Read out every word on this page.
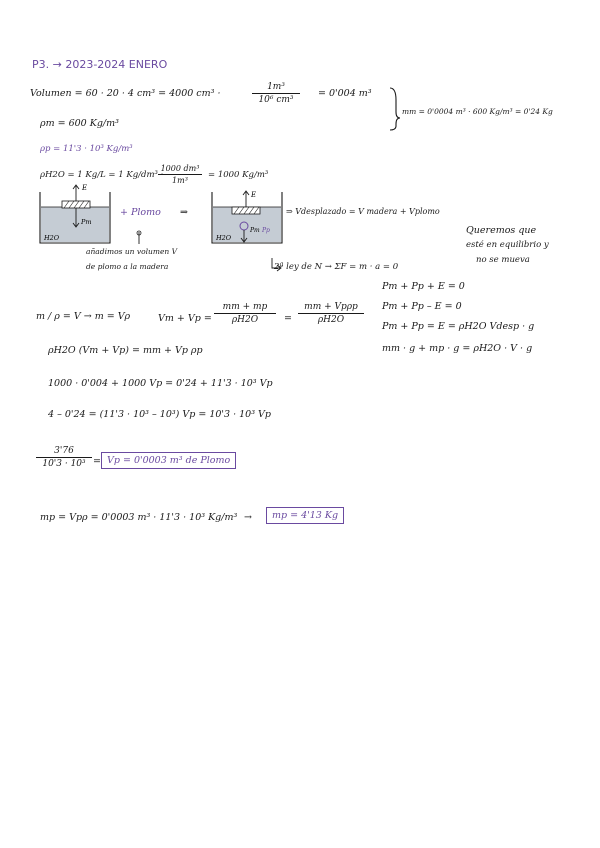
P3. → 2023-2024 ENERO
Volumen = 60 · 20 · 4 cm³ = 4000 cm³ ·
1m³
10⁶ cm³
= 0'004 m³
ρm = 600 Kg/m³
mm = 0'0004 m³ · 600 Kg/m³ = 0'24 Kg
ρp = 11'3 · 10³ Kg/m³
ρH2O = 1 Kg/L = 1 Kg/dm³ ·
1000 dm³
1m³
= 1000 Kg/m³
+ Plomo ⇒	⇒ Vdesplazado = V madera + Vplomo
añadimos un volumen V
de plomo a la madera
Queremos que
esté en equilibrio y
no se mueva
2ª ley de N → ΣF = m · a = 0
Pm + Pp + E = 0
Pm + Pp – E = 0
Pm + Pp = E = ρH2O Vdesp · g
mm · g + mp · g = ρH2O · V · g
m / ρ = V → m = Vρ	Vm + Vp =
mm + mp
ρH2O	=
mm + Vpρp
ρH2O
ρH2O (Vm + Vp) = mm + Vp ρp
1000 · 0'004 + 1000 Vp = 0'24 + 11'3 · 10³ Vp
4 – 0'24 = (11'3 · 10³ – 10³) Vp = 10'3 · 10³ Vp
3'76
10'3 · 10³ = Vp = 0'0003 m³ de Plomo
mp = Vpρ = 0'0003 m³ · 11'3 · 10³ Kg/m³ →	mp = 4'13 Kg
E
Pm
H2O
E
Pm Pp
H2O
